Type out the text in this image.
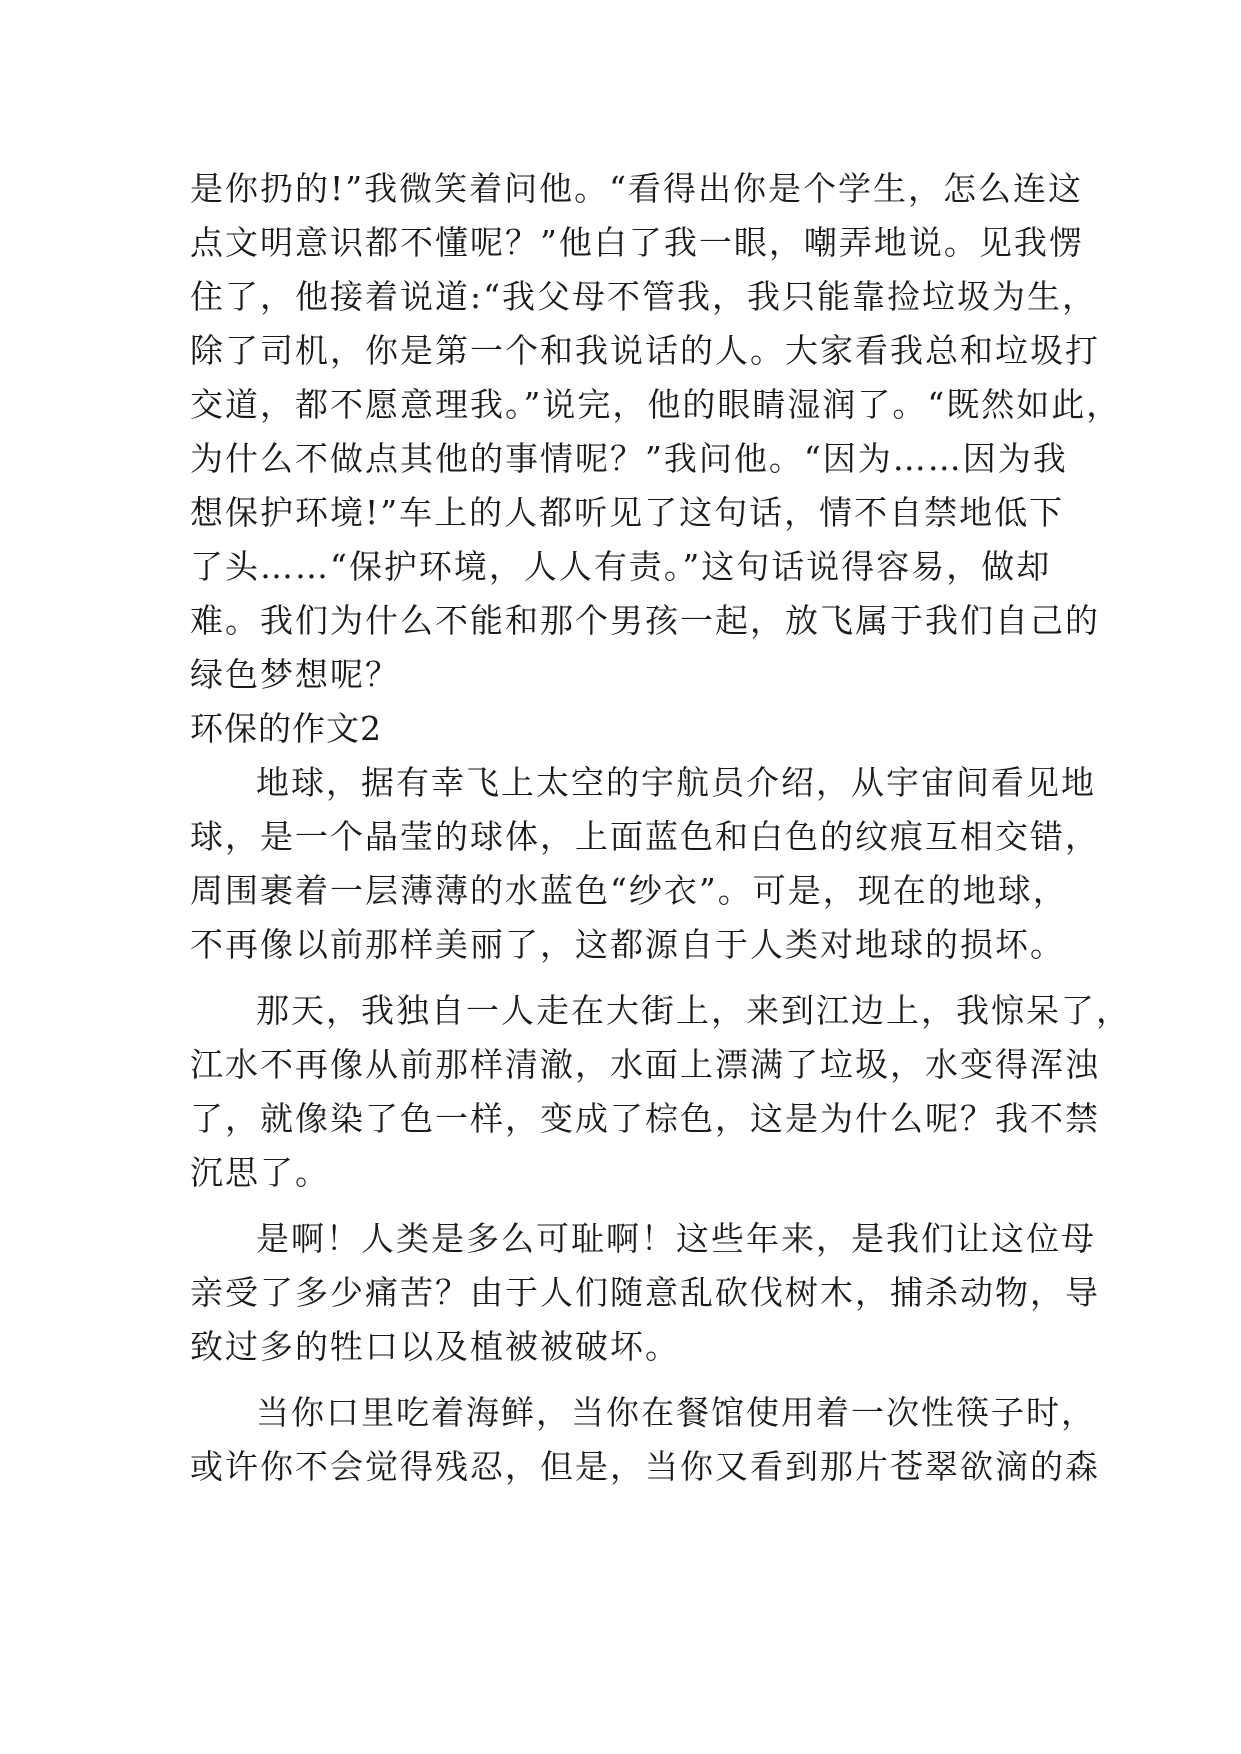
是你扔的!”我微笑着问他。“看得出你是个学生，怎么连这
点文明意识都不懂呢？”他白了我一眼，嘲弄地说。见我愣
住了，他接着说道:“我父母不管我，我只能靠捡垃圾为生，
除了司机，你是第一个和我说话的人。大家看我总和垃圾打
交道，都不愿意理我。”说完，他的眼睛湿润了。“既然如此，
为什么不做点其他的事情呢？”我问他。“因为……因为我
想保护环境!”车上的人都听见了这句话，情不自禁地低下
了头……“保护环境，人人有责。”这句话说得容易，做却
难。我们为什么不能和那个男孩一起，放飞属于我们自己的
绿色梦想呢？
环保的作文2
地球，据有幸飞上太空的宇航员介绍，从宇宙间看见地
球，是一个晶莹的球体，上面蓝色和白色的纹痕互相交错，
周围裹着一层薄薄的水蓝色“纱衣”。可是，现在的地球，
不再像以前那样美丽了，这都源自于人类对地球的损坏。
那天，我独自一人走在大街上，来到江边上，我惊呆了，
江水不再像从前那样清澈，水面上漂满了垃圾，水变得浑浊
了，就像染了色一样，变成了棕色，这是为什么呢？我不禁
沉思了。
是啊！人类是多么可耻啊！这些年来，是我们让这位母
亲受了多少痛苦？由于人们随意乱砍伐树木，捕杀动物，导
致过多的牲口以及植被被破坏。
当你口里吃着海鲜，当你在餐馆使用着一次性筷子时，
或许你不会觉得残忍，但是，当你又看到那片苍翠欲滴的森
